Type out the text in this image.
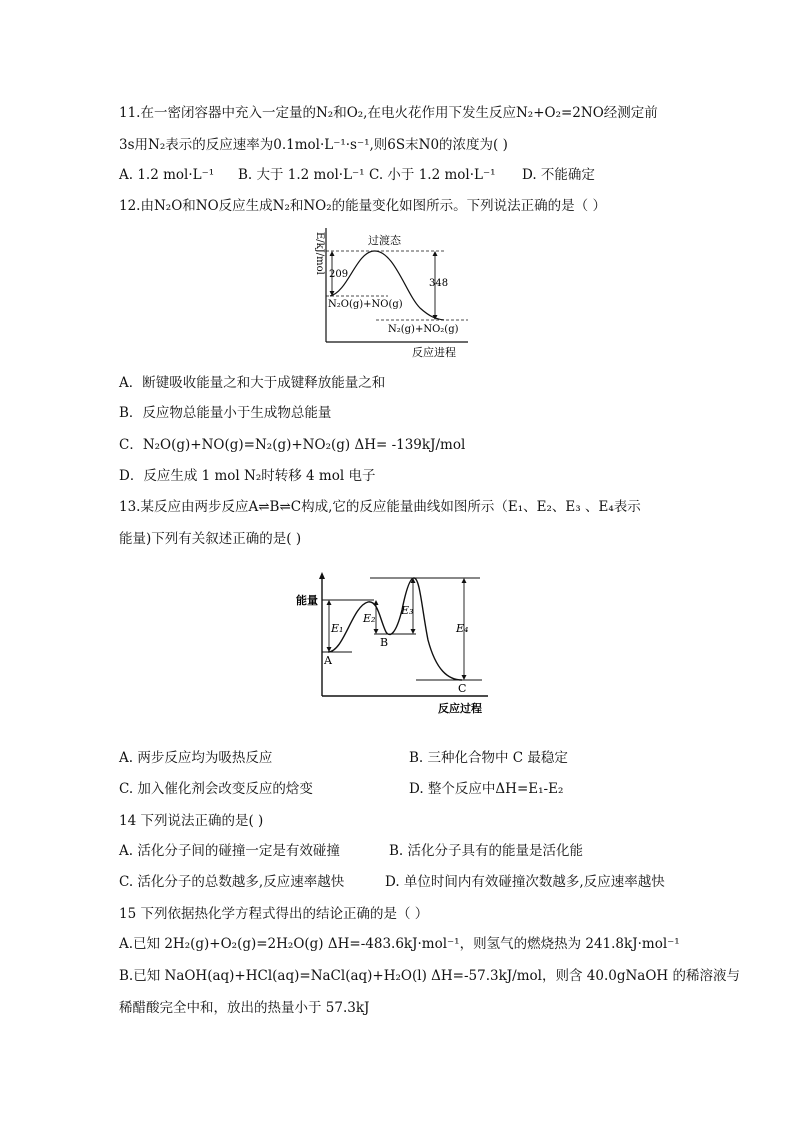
11.在一密闭容器中充入一定量的N₂和O₂,在电火花作用下发生反应N₂+O₂=2NO经测定前
3s用N₂表示的反应速率为0.1mol·L⁻¹·s⁻¹,则6S末N0的浓度为( )
A. 1.2 mol·L⁻¹ B. 大于 1.2 mol·L⁻¹ C. 小于 1.2 mol·L⁻¹ D. 不能确定
12.由N₂O和NO反应生成N₂和NO₂的能量变化如图所示。下列说法正确的是（ ）
E/kJ/mol	过渡态
209
348
N₂O(g)+NO(g)
N₂(g)+NO₂(g)
反应进程
A．断键吸收能量之和大于成键释放能量之和
B．反应物总能量小于生成物总能量
C．N₂O(g)+NO(g)=N₂(g)+NO₂(g) ΔH= -139kJ/mol
D．反应生成 1 mol N₂时转移 4 mol 电子
13.某反应由两步反应A⇌B⇌C构成,它的反应能量曲线如图所示（E₁、E₂、E₃ 、E₄表示
能量)下列有关叙述正确的是( )
能量
反应过程
E₁
E₂
E₃
E₄
A
B
C
A. 两步反应均为吸热反应	B. 三种化合物中 C 最稳定
C. 加入催化剂会改变反应的焓变	D. 整个反应中ΔH=E₁-E₂
14 下列说法正确的是( )
A. 活化分子间的碰撞一定是有效碰撞	B. 活化分子具有的能量是活化能
C. 活化分子的总数越多,反应速率越快	D. 单位时间内有效碰撞次数越多,反应速率越快
15 下列依据热化学方程式得出的结论正确的是（ ）
A.已知 2H₂(g)+O₂(g)=2H₂O(g) ΔH=-483.6kJ·mol⁻¹，则氢气的燃烧热为 241.8kJ·mol⁻¹
B.已知 NaOH(aq)+HCl(aq)=NaCl(aq)+H₂O(l) ΔH=-57.3kJ/mol，则含 40.0gNaOH 的稀溶液与
稀醋酸完全中和，放出的热量小于 57.3kJ
